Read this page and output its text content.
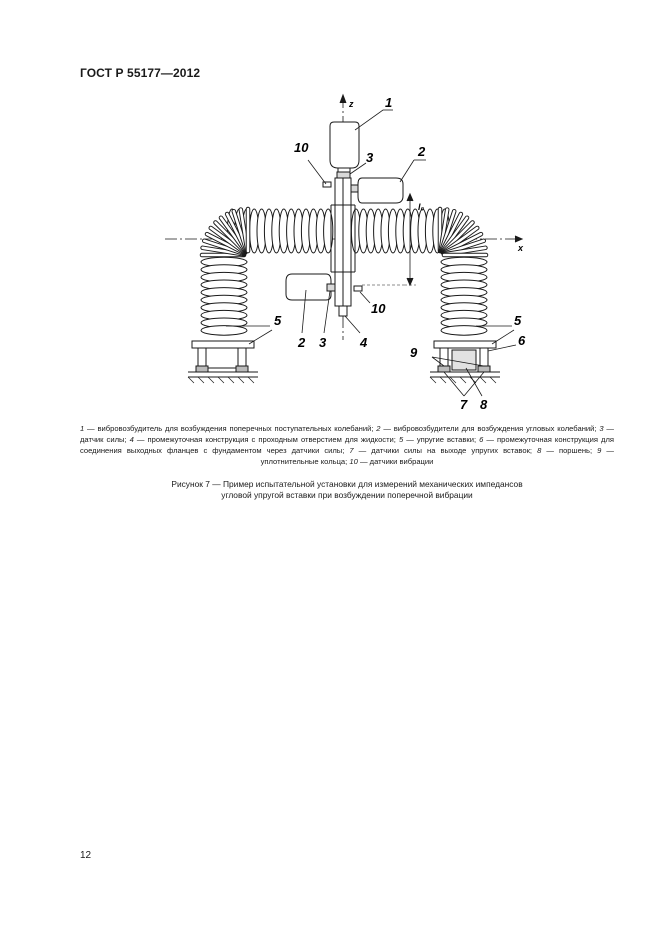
ГОСТ Р 55177—2012
z
x
l₀
1
2
3
10
2 3	4
10
5	5
6
9
7 8
1 — вибровозбудитель для возбуждения поперечных поступательных колебаний; 2 — вибровозбудители для возбуждения угловых колебаний; 3 — датчик силы; 4 — промежуточная конструкция с проходным отверстием для жидкости; 5 — упругие вставки; 6 — промежуточная конструкция для соединения выходных фланцев с фундаментом через датчики силы; 7 — датчики силы на выходе упругих вставок; 8 — поршень; 9 — уплотнительные кольца; 10 — датчики вибрации
Рисунок 7 — Пример испытательной установки для измерений механических импедансов
угловой упругой вставки при возбуждении поперечной вибрации
12
